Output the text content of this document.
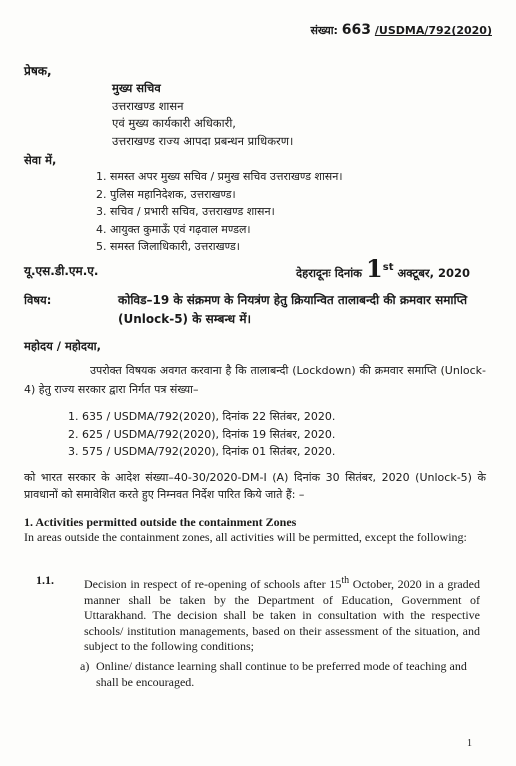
संख्या: 663 /USDMA/792(2020)
प्रेषक,
मुख्य सचिव
उत्तराखण्ड शासन
एवं मुख्य कार्यकारी अधिकारी,
उत्तराखण्ड राज्य आपदा प्रबन्धन प्राधिकरण।
सेवा में,
1. समस्त अपर मुख्य सचिव / प्रमुख सचिव उत्तराखण्ड शासन।
2. पुलिस महानिदेशक, उत्तराखण्ड।
3. सचिव / प्रभारी सचिव, उत्तराखण्ड शासन।
4. आयुक्त कुमाऊँ एवं गढ़वाल मण्डल।
5. समस्त जिलाधिकारी, उत्तराखण्ड।
यू.एस.डी.एम.ए.	देहरादूनः दिनांक 1st अक्टूबर, 2020
विषय:	कोविड–19 के संक्रमण के नियत्रंण हेतु क्रियान्वित तालाबन्दी की क्रमवार समाप्ति (Unlock-5) के सम्बन्ध में।
महोदय / महोदया,
उपरोक्त विषयक अवगत करवाना है कि तालाबन्दी (Lockdown) की क्रमवार समाप्ति (Unlock-4) हेतु राज्य सरकार द्वारा निर्गत पत्र संख्या–
1. 635 / USDMA/792(2020), दिनांक 22 सितंबर, 2020.
2. 625 / USDMA/792(2020), दिनांक 19 सितंबर, 2020.
3. 575 / USDMA/792(2020), दिनांक 01 सितंबर, 2020.
को भारत सरकार के आदेश संख्या–40-30/2020-DM-I (A) दिनांक 30 सितंबर, 2020 (Unlock-5) के प्रावधानों को समावेशित करते हुए निम्नवत निर्देश पारित किये जाते हैं: –
1. Activities permitted outside the containment Zones
In areas outside the containment zones, all activities will be permitted, except the following:
1.1.	Decision in respect of re-opening of schools after 15th October, 2020 in a graded manner shall be taken by the Department of Education, Government of Uttarakhand. The decision shall be taken in consultation with the respective schools/ institution managements, based on their assessment of the situation, and subject to the following conditions;
a) Online/ distance learning shall continue to be preferred mode of teaching and shall be encouraged.
1
